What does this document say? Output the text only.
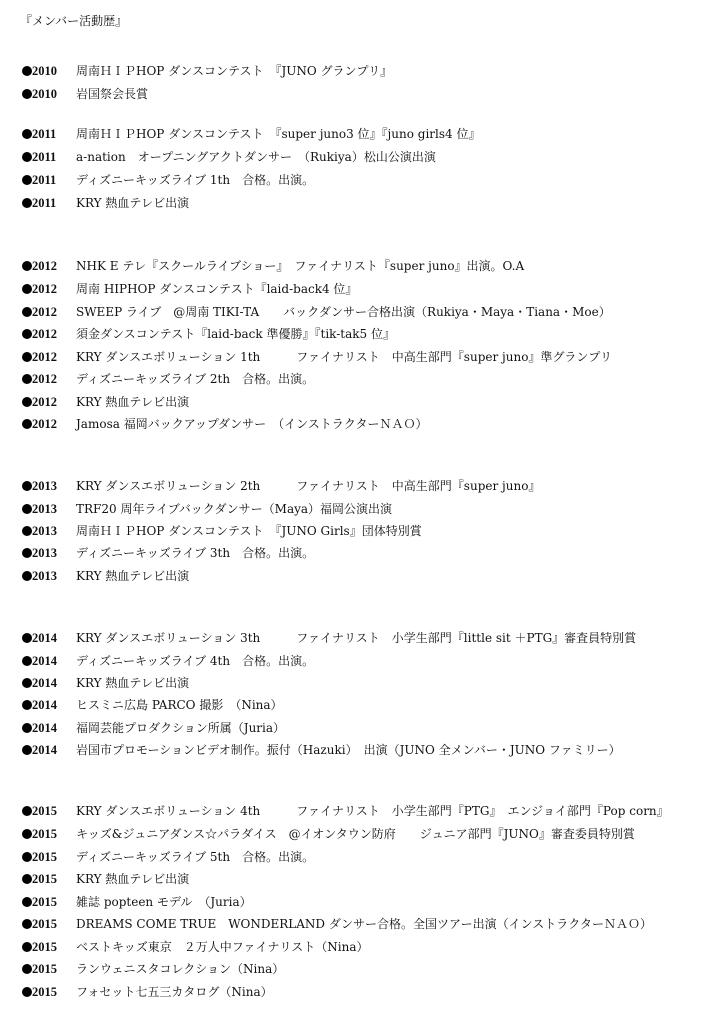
『メンバー活動歴』
2010 周南ＨＩＰHOP ダンスコンテスト　『JUNO グランプリ』
2010 岩国祭会長賞
2011 周南ＨＩＰHOP ダンスコンテスト　『super juno3 位』『juno girls4 位』
2011 a-nation　オープニングアクトダンサー　（Rukiya）松山公演出演
2011 ディズニーキッズライブ 1th　合格。出演。
2011 KRY 熱血テレビ出演
2012 NHK E テレ『スクールライブショー』　ファイナリスト『super juno』出演。O.A
2012 周南 HIPHOP ダンスコンテスト『laid-back4 位』
2012 SWEEP ライブ　@周南 TIKI-TA　　バックダンサー合格出演（Rukiya・Maya・Tiana・Moe）
2012 須金ダンスコンテスト『laid-back 準優勝』『tik-tak5 位』
2012 KRY ダンスエボリューション 1th　　　ファイナリスト　中高生部門『super juno』準グランプリ
2012 ディズニーキッズライブ 2th　合格。出演。
2012 KRY 熱血テレビ出演
2012 Jamosa 福岡バックアップダンサー　（インストラクターＮＡＯ）
2013 KRY ダンスエボリューション 2th　　　ファイナリスト　中高生部門『super juno』
2013 TRF20 周年ライブバックダンサー（Maya）福岡公演出演
2013 周南ＨＩＰHOP ダンスコンテスト　『JUNO Girls』団体特別賞
2013 ディズニーキッズライブ 3th　合格。出演。
2013 KRY 熱血テレビ出演
2014 KRY ダンスエボリューション 3th　　　ファイナリスト　小学生部門『little sit ＋PTG』審査員特別賞
2014 ディズニーキッズライブ 4th　合格。出演。
2014 KRY 熱血テレビ出演
2014 ヒスミニ広島 PARCO 撮影　（Nina）
2014 福岡芸能プロダクション所属（Juria）
2014 岩国市プロモーションビデオ制作。振付（Hazuki）　出演（JUNO 全メンバー・JUNO ファミリー）
2015 KRY ダンスエボリューション 4th　　　ファイナリスト　小学生部門『PTG』　エンジョイ部門『Pop corn』
2015 キッズ&ジュニアダンス☆パラダイス　@イオンタウン防府　　ジュニア部門『JUNO』審査委員特別賞
2015 ディズニーキッズライブ 5th　合格。出演。
2015 KRY 熱血テレビ出演
2015 雑誌 popteen モデル　（Juria）
2015 DREAMS COME TRUE　WONDERLAND ダンサー合格。全国ツアー出演（インストラクターＮＡＯ）
2015 ベストキッズ東京　２万人中ファイナリスト（Nina）
2015 ランウェニスタコレクション（Nina）
2015 フォセット七五三カタログ（Nina）
